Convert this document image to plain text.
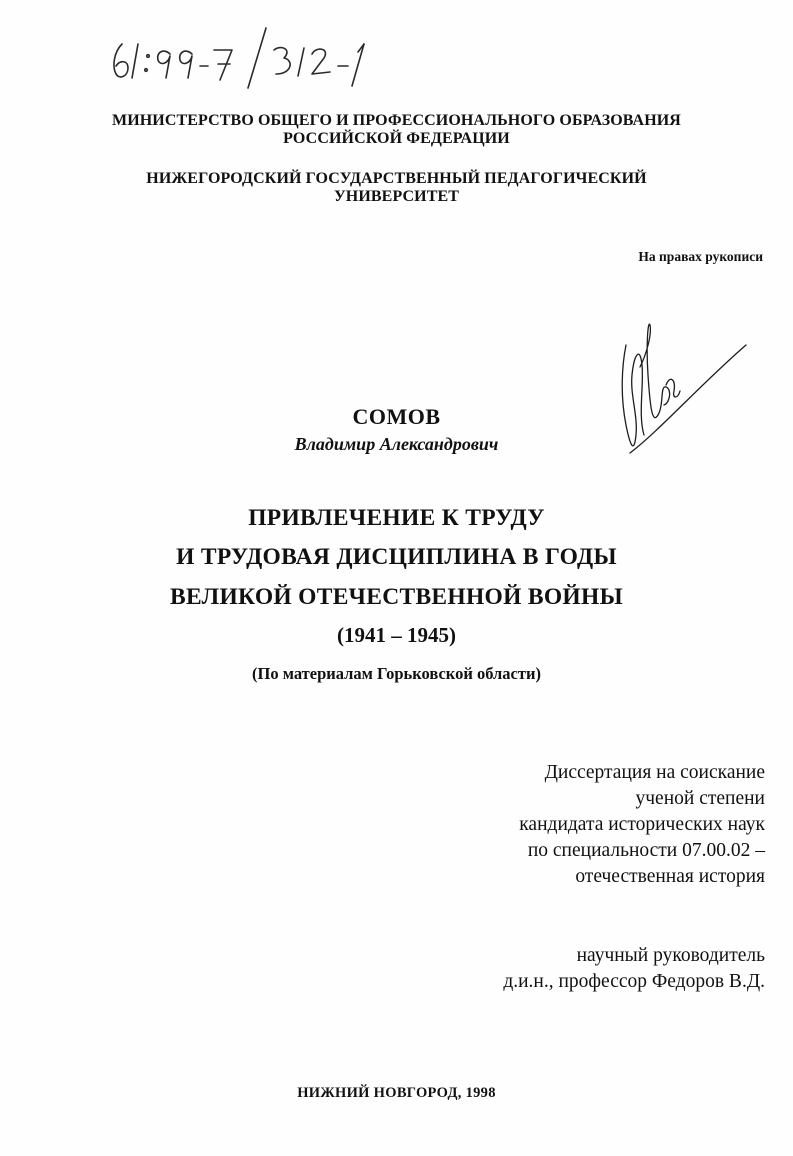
МИНИСТЕРСТВО ОБЩЕГО И ПРОФЕССИОНАЛЬНОГО ОБРАЗОВАНИЯ
РОССИЙСКОЙ ФЕДЕРАЦИИ
НИЖЕГОРОДСКИЙ ГОСУДАРСТВЕННЫЙ ПЕДАГОГИЧЕСКИЙ
УНИВЕРСИТЕТ
На правах рукописи
СОМОВ
Владимир Александрович
ПРИВЛЕЧЕНИЕ К ТРУДУ
И ТРУДОВАЯ ДИСЦИПЛИНА В ГОДЫ
ВЕЛИКОЙ ОТЕЧЕСТВЕННОЙ ВОЙНЫ
(1941 – 1945)
(По материалам Горьковской области)
Диссертация на соискание
ученой степени
кандидата исторических наук
по специальности 07.00.02 –
отечественная история
научный руководитель
д.и.н., профессор Федоров В.Д.
НИЖНИЙ НОВГОРОД, 1998
